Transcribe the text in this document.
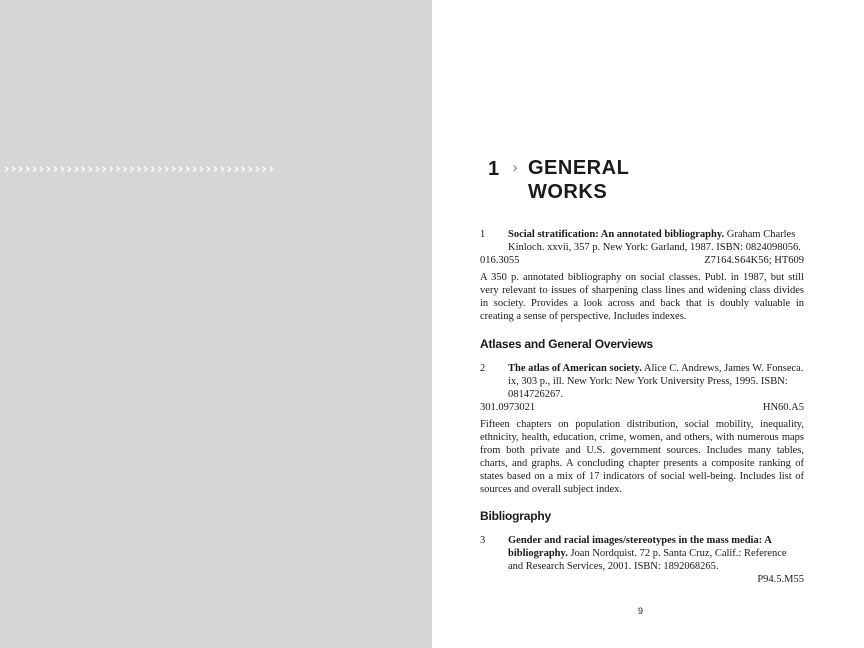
›››››››››››››››››››››››››››››››››››››››	1 › GENERAL
WORKS
1 Social stratification: An annotated bibliography. Graham Charles Kinloch. xxvii, 357 p. New York: Garland, 1987. ISBN: 0824098056.
016.3055	Z7164.S64K56; HT609
A 350 p. annotated bibliography on social classes. Publ. in 1987, but still very relevant to issues of sharpening class lines and widening class divides in society. Provides a look across and back that is doubly valuable in creating a sense of perspective. Includes indexes.
Atlases and General Overviews
2 The atlas of American society. Alice C. Andrews, James W. Fonseca. ix, 303 p., ill. New York: New York University Press, 1995. ISBN: 0814726267.
301.0973021	HN60.A5
Fifteen chapters on population distribution, social mobility, inequality, ethnicity, health, education, crime, women, and others, with numerous maps from both private and U.S. government sources. Includes many tables, charts, and graphs. A concluding chapter presents a composite ranking of states based on a mix of 17 indicators of social well-being. Includes list of sources and overall subject index.
Bibliography
3 Gender and racial images/stereotypes in the mass media: A bibliography. Joan Nordquist. 72 p. Santa Cruz, Calif.: Reference and Research Services, 2001. ISBN: 1892068265.
P94.5.M55
9
